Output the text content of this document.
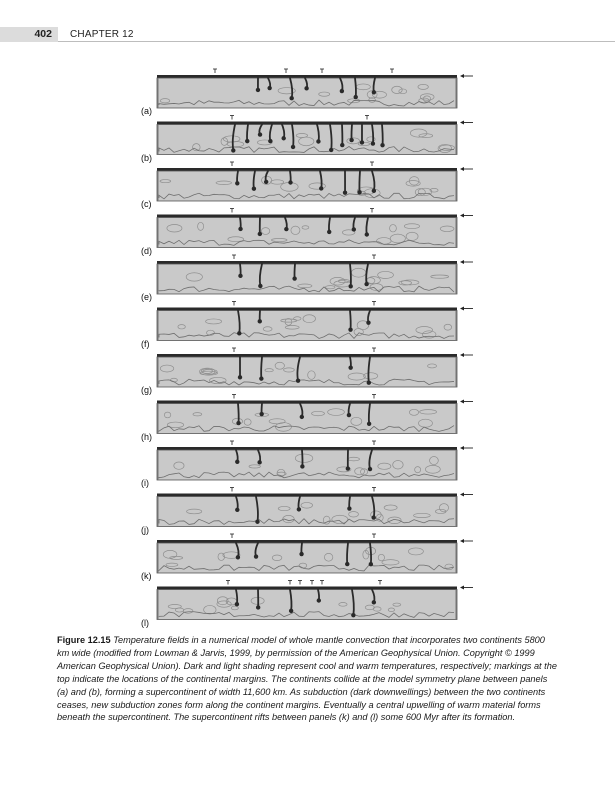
402 CHAPTER 12
(a)
(b)
(c)
(d)
(e)
(f)
(g)
(h)
(i)
(j)
(k)
(l)
Figure 12.15 Temperature fields in a numerical model of whole mantle convection that incorporates two continents 5800 km wide (modified from Lowman & Jarvis, 1999, by permission of the American Geophysical Union. Copyright © 1999 American Geophysical Union). Dark and light shading represent cool and warm temperatures, respectively; markings at the top indicate the locations of the continental margins. The continents collide at the model symmetry plane between panels (a) and (b), forming a supercontinent of width 11,600 km. As subduction (dark downwellings) between the two continents ceases, new subduction zones form along the continent margins. Eventually a central upwelling of warm material forms beneath the supercontinent. The supercontinent rifts between panels (k) and (l) some 600 Myr after its formation.
